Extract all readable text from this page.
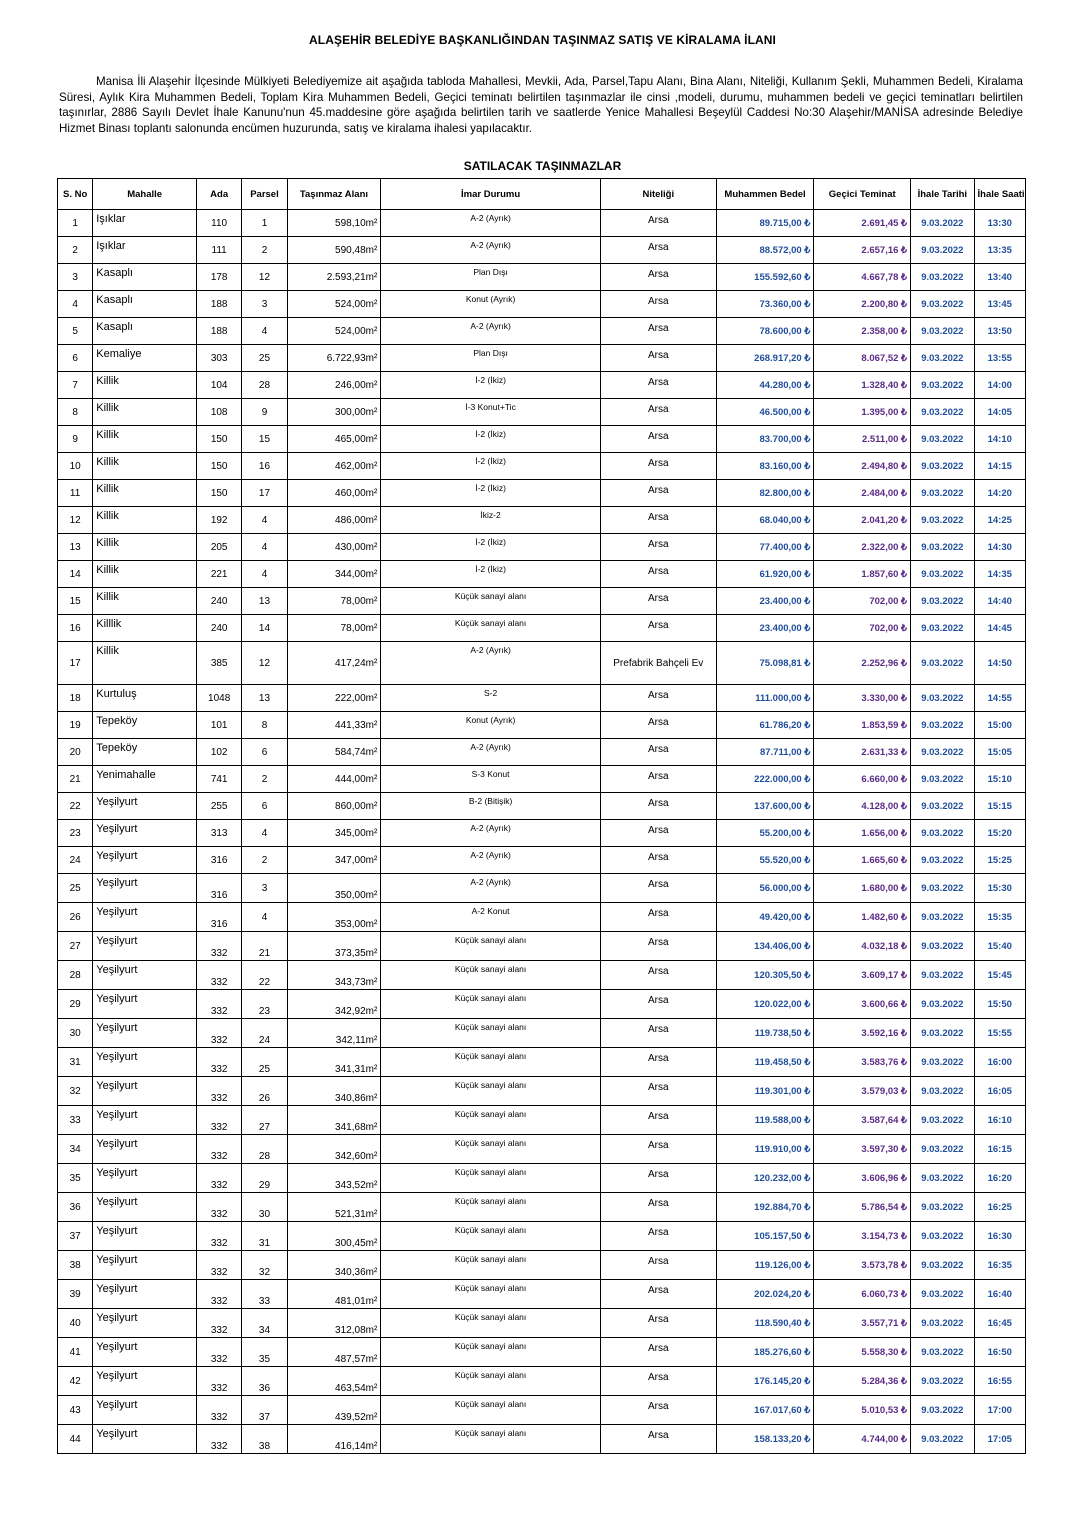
ALAŞEHİR BELEDİYE BAŞKANLIĞINDAN TAŞINMAZ SATIŞ VE KİRALAMA İLANI
Manisa İli Alaşehir İlçesinde Mülkiyeti Belediyemize ait aşağıda tabloda Mahallesi, Mevkii, Ada, Parsel,Tapu Alanı, Bina Alanı, Niteliği, Kullanım Şekli, Muhammen Bedeli, Kiralama Süresi, Aylık Kira Muhammen Bedeli, Toplam Kira Muhammen Bedeli, Geçici teminatı belirtilen taşınmazlar ile cinsi ,modeli, durumu, muhammen bedeli ve geçici teminatları belirtilen taşınırlar, 2886 Sayılı Devlet İhale Kanunu'nun 45.maddesine göre aşağıda belirtilen tarih ve saatlerde Yenice Mahallesi Beşeylül Caddesi No:30 Alaşehir/MANİSA adresinde Belediye Hizmet Binası toplantı salonunda encümen huzurunda, satış ve kiralama ihalesi yapılacaktır.
SATILACAK TAŞINMAZLAR
S. No	Mahalle	Ada	Parsel	Taşınmaz Alanı	İmar Durumu	Niteliği	Muhammen Bedel	Geçici Teminat	İhale Tarihi	İhale Saati
1	Işıklar	110	1	598,10m²	A-2 (Ayrık)	Arsa	89.715,00 ₺	2.691,45 ₺	9.03.2022	13:30
2	Işıklar	111	2	590,48m²	A-2 (Ayrık)	Arsa	88.572,00 ₺	2.657,16 ₺	9.03.2022	13:35
3	Kasaplı	178	12	2.593,21m²	Plan Dışı	Arsa	155.592,60 ₺	4.667,78 ₺	9.03.2022	13:40
4	Kasaplı	188	3	524,00m²	Konut (Ayrık)	Arsa	73.360,00 ₺	2.200,80 ₺	9.03.2022	13:45
5	Kasaplı	188	4	524,00m²	A-2 (Ayrık)	Arsa	78.600,00 ₺	2.358,00 ₺	9.03.2022	13:50
6	Kemaliye	303	25	6.722,93m²	Plan Dışı	Arsa	268.917,20 ₺	8.067,52 ₺	9.03.2022	13:55
7	Killik	104	28	246,00m²	İ-2 (İkiz)	Arsa	44.280,00 ₺	1.328,40 ₺	9.03.2022	14:00
8	Killik	108	9	300,00m²	İ-3 Konut+Tic	Arsa	46.500,00 ₺	1.395,00 ₺	9.03.2022	14:05
9	Killik	150	15	465,00m²	İ-2 (İkiz)	Arsa	83.700,00 ₺	2.511,00 ₺	9.03.2022	14:10
10	Killik	150	16	462,00m²	İ-2 (İkiz)	Arsa	83.160,00 ₺	2.494,80 ₺	9.03.2022	14:15
11	Killik	150	17	460,00m²	İ-2 (İkiz)	Arsa	82.800,00 ₺	2.484,00 ₺	9.03.2022	14:20
12	Killik	192	4	486,00m²	İkiz-2	Arsa	68.040,00 ₺	2.041,20 ₺	9.03.2022	14:25
13	Killik	205	4	430,00m²	İ-2 (İkiz)	Arsa	77.400,00 ₺	2.322,00 ₺	9.03.2022	14:30
14	Killik	221	4	344,00m²	İ-2 (İkiz)	Arsa	61.920,00 ₺	1.857,60 ₺	9.03.2022	14:35
15	Killik	240	13	78,00m²	Küçük sanayi alanı	Arsa	23.400,00 ₺	702,00 ₺	9.03.2022	14:40
16	Killlik	240	14	78,00m²	Küçük sanayi alanı	Arsa	23.400,00 ₺	702,00 ₺	9.03.2022	14:45
17	Killik	385	12	417,24m²	A-2 (Ayrık)	Prefabrik Bahçeli Ev	75.098,81 ₺	2.252,96 ₺	9.03.2022	14:50
18	Kurtuluş	1048	13	222,00m²	S-2	Arsa	111.000,00 ₺	3.330,00 ₺	9.03.2022	14:55
19	Tepeköy	101	8	441,33m²	Konut (Ayrık)	Arsa	61.786,20 ₺	1.853,59 ₺	9.03.2022	15:00
20	Tepeköy	102	6	584,74m²	A-2 (Ayrık)	Arsa	87.711,00 ₺	2.631,33 ₺	9.03.2022	15:05
21	Yenimahalle	741	2	444,00m²	S-3 Konut	Arsa	222.000,00 ₺	6.660,00 ₺	9.03.2022	15:10
22	Yeşilyurt	255	6	860,00m²	B-2 (Bitişik)	Arsa	137.600,00 ₺	4.128,00 ₺	9.03.2022	15:15
23	Yeşilyurt	313	4	345,00m²	A-2 (Ayrık)	Arsa	55.200,00 ₺	1.656,00 ₺	9.03.2022	15:20
24	Yeşilyurt	316	2	347,00m²	A-2 (Ayrık)	Arsa	55.520,00 ₺	1.665,60 ₺	9.03.2022	15:25
25	Yeşilyurt	316	3	350,00m²	A-2 (Ayrık)	Arsa	56.000,00 ₺	1.680,00 ₺	9.03.2022	15:30
26	Yeşilyurt	316	4	353,00m²	A-2 Konut	Arsa	49.420,00 ₺	1.482,60 ₺	9.03.2022	15:35
27	Yeşilyurt	332	21	373,35m²	Küçük sanayi alanı	Arsa	134.406,00 ₺	4.032,18 ₺	9.03.2022	15:40
28	Yeşilyurt	332	22	343,73m²	Küçük sanayi alanı	Arsa	120.305,50 ₺	3.609,17 ₺	9.03.2022	15:45
29	Yeşilyurt	332	23	342,92m²	Küçük sanayi alanı	Arsa	120.022,00 ₺	3.600,66 ₺	9.03.2022	15:50
30	Yeşilyurt	332	24	342,11m²	Küçük sanayi alanı	Arsa	119.738,50 ₺	3.592,16 ₺	9.03.2022	15:55
31	Yeşilyurt	332	25	341,31m²	Küçük sanayi alanı	Arsa	119.458,50 ₺	3.583,76 ₺	9.03.2022	16:00
32	Yeşilyurt	332	26	340,86m²	Küçük sanayi alanı	Arsa	119.301,00 ₺	3.579,03 ₺	9.03.2022	16:05
33	Yeşilyurt	332	27	341,68m²	Küçük sanayi alanı	Arsa	119.588,00 ₺	3.587,64 ₺	9.03.2022	16:10
34	Yeşilyurt	332	28	342,60m²	Küçük sanayi alanı	Arsa	119.910,00 ₺	3.597,30 ₺	9.03.2022	16:15
35	Yeşilyurt	332	29	343,52m²	Küçük sanayi alanı	Arsa	120.232,00 ₺	3.606,96 ₺	9.03.2022	16:20
36	Yeşilyurt	332	30	521,31m²	Küçük sanayi alanı	Arsa	192.884,70 ₺	5.786,54 ₺	9.03.2022	16:25
37	Yeşilyurt	332	31	300,45m²	Küçük sanayi alanı	Arsa	105.157,50 ₺	3.154,73 ₺	9.03.2022	16:30
38	Yeşilyurt	332	32	340,36m²	Küçük sanayi alanı	Arsa	119.126,00 ₺	3.573,78 ₺	9.03.2022	16:35
39	Yeşilyurt	332	33	481,01m²	Küçük sanayi alanı	Arsa	202.024,20 ₺	6.060,73 ₺	9.03.2022	16:40
40	Yeşilyurt	332	34	312,08m²	Küçük sanayi alanı	Arsa	118.590,40 ₺	3.557,71 ₺	9.03.2022	16:45
41	Yeşilyurt	332	35	487,57m²	Küçük sanayi alanı	Arsa	185.276,60 ₺	5.558,30 ₺	9.03.2022	16:50
42	Yeşilyurt	332	36	463,54m²	Küçük sanayi alanı	Arsa	176.145,20 ₺	5.284,36 ₺	9.03.2022	16:55
43	Yeşilyurt	332	37	439,52m²	Küçük sanayi alanı	Arsa	167.017,60 ₺	5.010,53 ₺	9.03.2022	17:00
44	Yeşilyurt	332	38	416,14m²	Küçük sanayi alanı	Arsa	158.133,20 ₺	4.744,00 ₺	9.03.2022	17:05
